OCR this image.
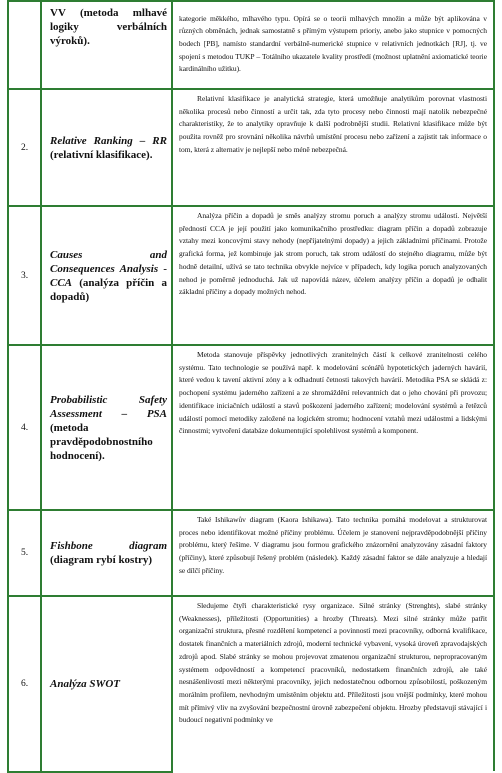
	VV (metoda mlhavé logiky verbálních výroků).	kategorie měkkého, mlhavého typu. Opírá se o teorii mlhavých množin a může být aplikována v různých obměnách, jednak samostatně s přímým výstupem prioriy, anebo jako stupnice v pomocných bodech [PB], namísto standardní verbálně-numerické stupnice v relativních jednotkách [RJ], tj. ve spojení s metodou TUKP – Totálního ukazatele kvality prostředí (možnost uplatnění axiomatické teorie kardinálního užitku).

2.	Relative Ranking – RR (relativní klasifikace).	Relativní klasifikace je analytická strategie, která umožňuje analytikům porovnat vlastnosti několika procesů nebo činností a určit tak, zda tyto procesy nebo činnosti mají natolik nebezpečné charakteristiky, že to analytiky opravňuje k další podrobnější studii. Relativní klasifikace může být použita rovněž pro srovnání několika návrhů umístění procesu nebo zařízení a zajistit tak informace o tom, která z alternativ je nejlepší nebo méně nebezpečná.

3.	Causes and Consequences Analysis - CCA (analýza příčin a dopadů)	Analýza příčin a dopadů je směs analýzy stromu poruch a analýzy stromu událostí. Největší předností CCA je její použití jako komunikačního prostředku: diagram příčin a dopadů zobrazuje vztahy mezi koncovými stavy nehody (nepříjatelnými dopady) a jejich základními příčinami. Protože grafická forma, jež kombinuje jak strom poruch, tak strom událostí do stejného diagramu, může být hodně detailní, užívá se tato technika obvykle nejvíce v případech, kdy logika poruch analyzovaných nehod je poměrně jednoduchá. Jak už napovídá název, účelem analýzy příčin a dopadů je odhalit základní příčiny a dopady možných nehod.

4.	Probabilistic Safety Assessment – PSA (metoda pravděpodobnostního hodnocení).	Metoda stanovuje příspěvky jednotlivých zranitelných částí k celkové zranitelnosti celého systému. Tato technologie se používá např. k modelování scénářů hypotetických jaderných havárií, které vedou k tavení aktivní zóny a k odhadnutí četnosti takových havárií. Metodika PSA se skládá z: pochopení systému jaderného zařízení a ze shromáždění relevantních dat o jeho chování při provozu; identifikace iniciačních událostí a stavů poškození jaderného zařízení; modelování systémů a řetězců událostí pomocí metodiky založené na logickém stromu; hodnocení vztahů mezi událostmi a lidskými činnostmi; vytvoření databáze dokumentující spolehlivost systémů a komponent.

5.	Fishbone diagram (diagram rybí kostry)	Také Ishikawův diagram (Kaora Ishikawa). Tato technika pomáhá modelovat a strukturovat proces nebo identifikovat možné příčiny problému. Účelem je stanovení nejpravděpodobnější příčiny problému, který řešíme. V diagramu jsou formou grafického znázornění analyzovány zásadní faktory (příčiny), které způsobují řešený problém (následek). Každý zásadní faktor se dále analyzuje a hledají se dílčí příčiny.

6.	Analýza SWOT	Sledujeme čtyři charakteristické rysy organizace. Silné stránky (Strenghts), slabé stránky (Weaknesses), příležitosti (Opportunities) a hrozby (Threats). Mezi silné stránky může patřit organizační struktura, přesné rozdělení kompetencí a povinností mezi pracovníky, odborná kvalifikace, dostatek finančních a materiálních zdrojů, moderní technické vybavení, vysoká úroveň zpravodajských zdrojů apod. Slabé stránky se mohou projevovat zmatenou organizační strukturou, nepropracovaným systémem odpovědností a kompetencí pracovníků, nedostatkem finančních zdrojů, ale také nesnášenlivostí mezi některými pracovníky, jejich nedostatečnou odbornou způsobilostí, poškozeným morálním profilem, nevhodným umístěním objektu atd. Příležitosti jsou vnější podmínky, které mohou mít přímivý vliv na zvyšování bezpečnostní úrovně zabezpečení objektu. Hrozby představují stávající i budoucí negativní podmínky ve
